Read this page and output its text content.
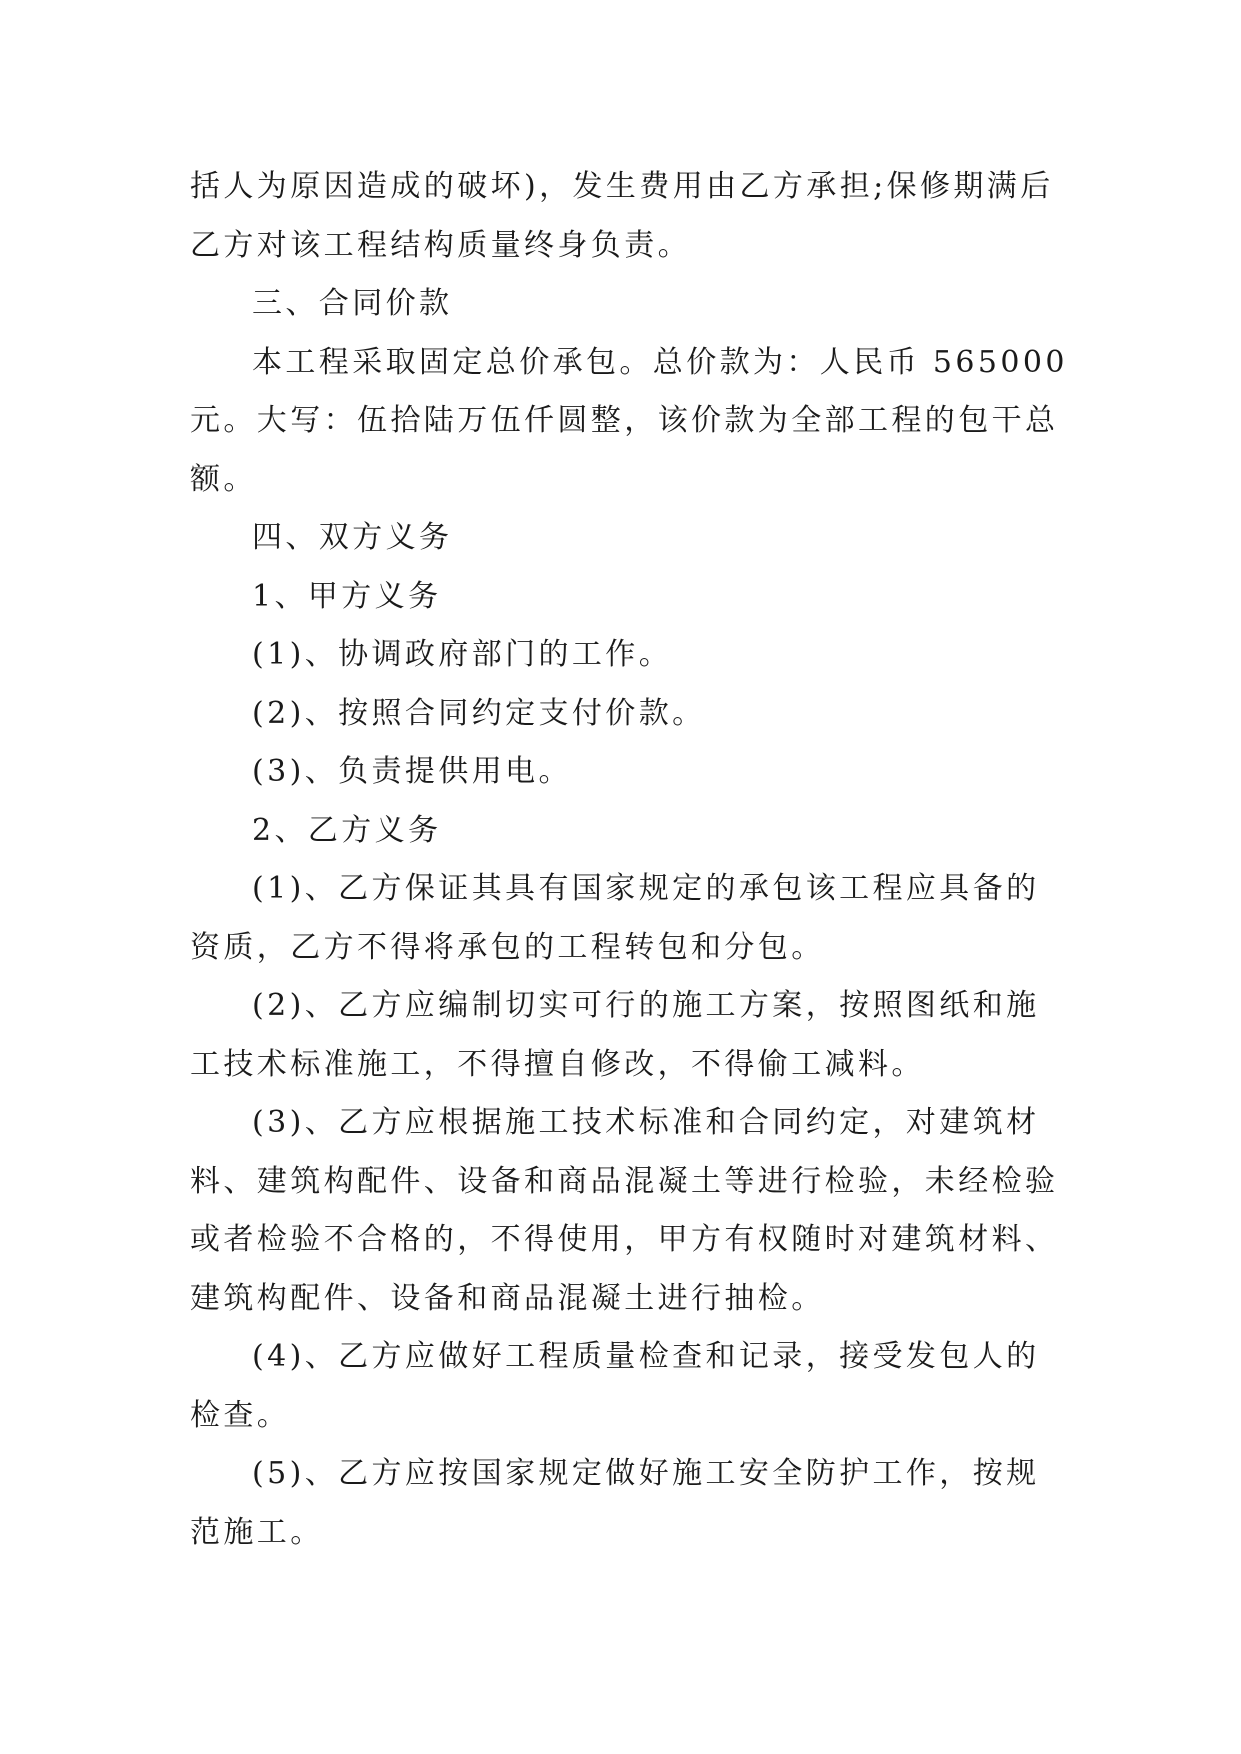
括人为原因造成的破坏)，发生费用由乙方承担;保修期满后
乙方对该工程结构质量终身负责。

三、合同价款

本工程采取固定总价承包。总价款为：人民币 565000
元。大写：伍拾陆万伍仟圆整，该价款为全部工程的包干总
额。

四、双方义务

1、甲方义务

(1)、协调政府部门的工作。

(2)、按照合同约定支付价款。

(3)、负责提供用电。

2、乙方义务

(1)、乙方保证其具有国家规定的承包该工程应具备的
资质，乙方不得将承包的工程转包和分包。

(2)、乙方应编制切实可行的施工方案，按照图纸和施
工技术标准施工，不得擅自修改，不得偷工减料。

(3)、乙方应根据施工技术标准和合同约定，对建筑材
料、建筑构配件、设备和商品混凝土等进行检验，未经检验
或者检验不合格的，不得使用，甲方有权随时对建筑材料、
建筑构配件、设备和商品混凝土进行抽检。

(4)、乙方应做好工程质量检查和记录，接受发包人的
检查。

(5)、乙方应按国家规定做好施工安全防护工作，按规
范施工。
